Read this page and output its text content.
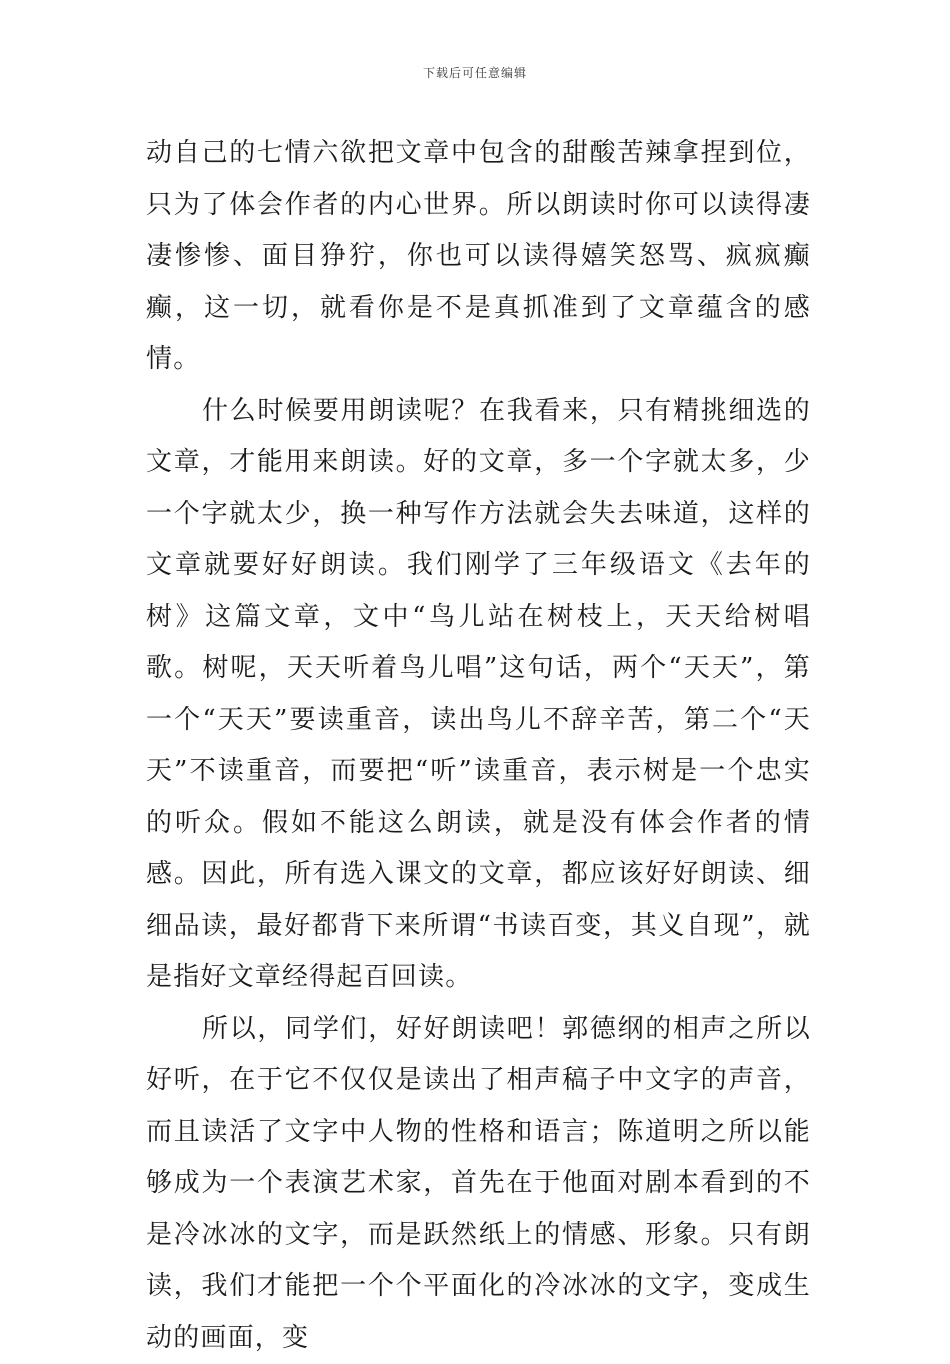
下载后可任意编辑

动自己的七情六欲把文章中包含的甜酸苦辣拿捏到位，只为了体会作者的内心世界。所以朗读时你可以读得凄凄惨惨、面目狰狞，你也可以读得嬉笑怒骂、疯疯癫癫，这一切，就看你是不是真抓准到了文章蕴含的感情。

什么时候要用朗读呢？在我看来，只有精挑细选的文章，才能用来朗读。好的文章，多一个字就太多，少一个字就太少，换一种写作方法就会失去味道，这样的文章就要好好朗读。我们刚学了三年级语文《去年的树》这篇文章，文中“鸟儿站在树枝上，天天给树唱歌。树呢，天天听着鸟儿唱”这句话，两个“天天”，第一个“天天”要读重音，读出鸟儿不辞辛苦，第二个“天天”不读重音，而要把“听”读重音，表示树是一个忠实的听众。假如不能这么朗读，就是没有体会作者的情感。因此，所有选入课文的文章，都应该好好朗读、细细品读，最好都背下来所谓“书读百变，其义自现”，就是指好文章经得起百回读。

所以，同学们，好好朗读吧！郭德纲的相声之所以好听，在于它不仅仅是读出了相声稿子中文字的声音，而且读活了文字中人物的性格和语言；陈道明之所以能够成为一个表演艺术家，首先在于他面对剧本看到的不是冷冰冰的文字，而是跃然纸上的情感、形象。只有朗读，我们才能把一个个平面化的冷冰冰的文字，变成生动的画面，变
